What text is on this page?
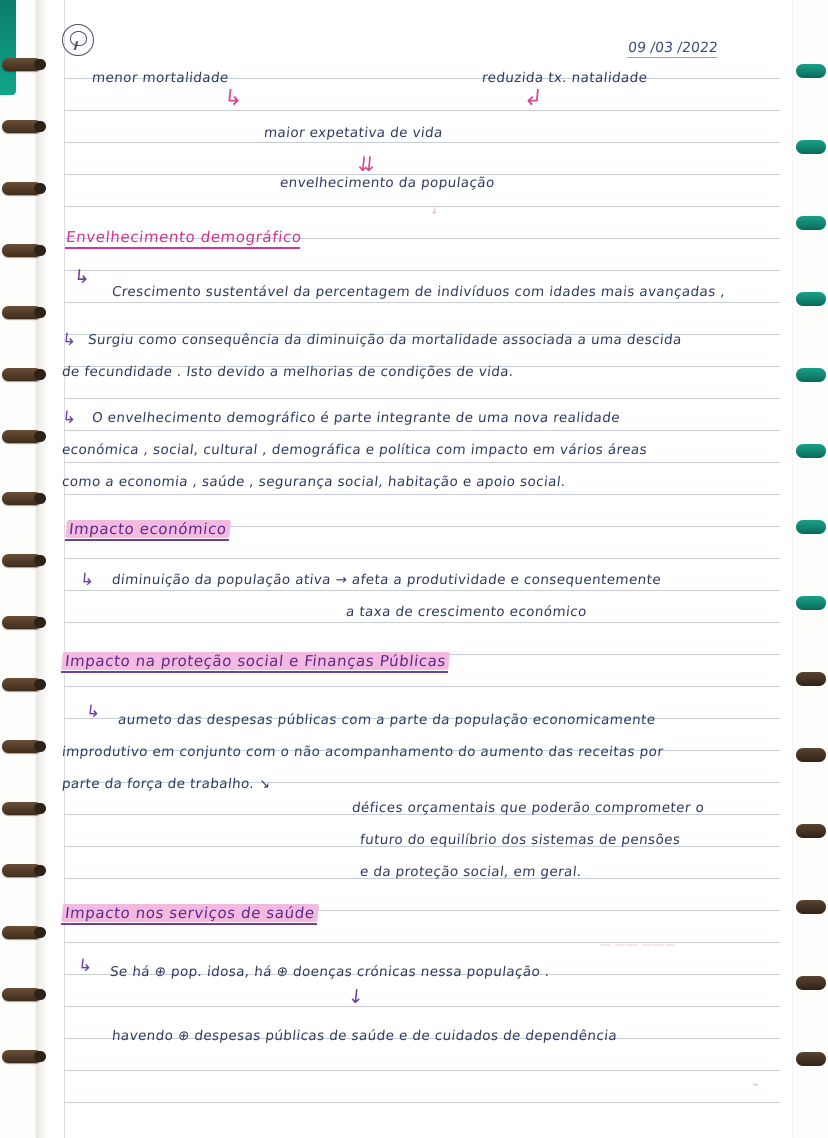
09 /03 /2022
menor mortalidade	reduzida tx. natalidade
↳	↲
maior expetativa de vida
⇊
envelhecimento da população
Envelhecimento demográfico
↳
Crescimento sustentável da percentagem de indivíduos com idades mais avançadas ,
↳ Surgiu como consequência da diminuição da mortalidade associada a uma descida
de fecundidade . Isto devido a melhorias de condições de vida.
↳ O envelhecimento demográfico é parte integrante de uma nova realidade
económica , social, cultural , demográfica e política com impacto em vários áreas
como a economia , saúde , segurança social, habitação e apoio social.
Impacto económico
↳ diminuição da população ativa → afeta a produtividade e consequentemente
a taxa de crescimento económico
Impacto na proteção social e Finanças Públicas
↳ aumeto das despesas públicas com a parte da população economicamente
improdutivo em conjunto com o não acompanhamento do aumento das receitas por
parte da força de trabalho. ↘
défices orçamentais que poderão comprometer o
futuro do equilíbrio dos sistemas de pensões
e da proteção social, em geral.
Impacto nos serviços de saúde
↳ Se há ⊕ pop. idosa, há ⊕ doenças crónicas nessa população .
↓
havendo ⊕ despesas públicas de saúde e de cuidados de dependência
— —— ———
↓
⌁
